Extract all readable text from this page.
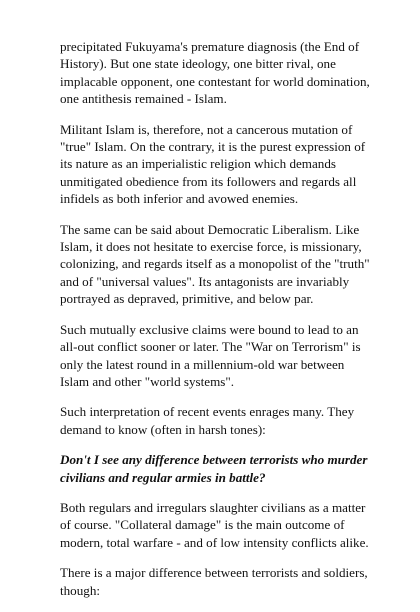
precipitated Fukuyama's premature diagnosis (the End of History). But one state ideology, one bitter rival, one implacable opponent, one contestant for world domination, one antithesis remained - Islam.

Militant Islam is, therefore, not a cancerous mutation of "true" Islam. On the contrary, it is the purest expression of its nature as an imperialistic religion which demands unmitigated obedience from its followers and regards all infidels as both inferior and avowed enemies.

The same can be said about Democratic Liberalism. Like Islam, it does not hesitate to exercise force, is missionary, colonizing, and regards itself as a monopolist of the "truth" and of "universal values". Its antagonists are invariably portrayed as depraved, primitive, and below par.

Such mutually exclusive claims were bound to lead to an all-out conflict sooner or later. The "War on Terrorism" is only the latest round in a millennium-old war between Islam and other "world systems".

Such interpretation of recent events enrages many. They demand to know (often in harsh tones):

Don't I see any difference between terrorists who murder civilians and regular armies in battle?

Both regulars and irregulars slaughter civilians as a matter of course. "Collateral damage" is the main outcome of modern, total warfare - and of low intensity conflicts alike.

There is a major difference between terrorists and soldiers, though:
